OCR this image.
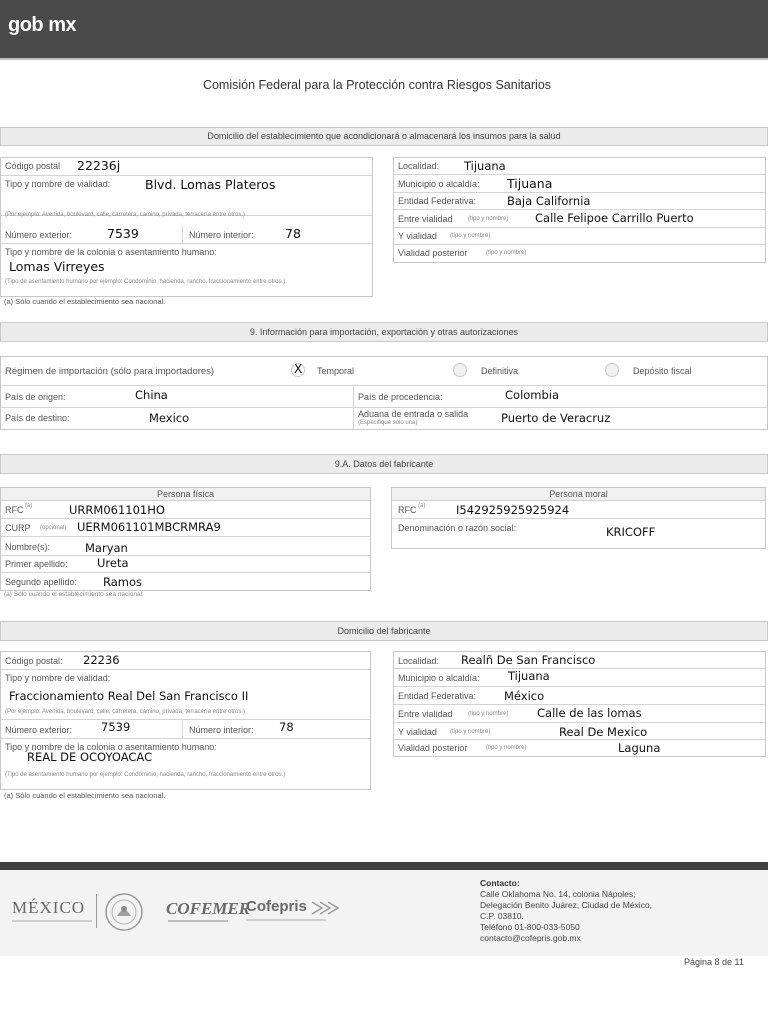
gob mx
Comisión Federal para la Protección contra Riesgos Sanitarios
Domicilio del establecimiento que acondicionará o almacenará los insumos para la salud
Código postal 22236j
Tipo y nombre de vialidad:	Blvd. Lomas Plateros
(Por ejemplo: Avenida, boulevard, calle, carretera, camino, privada, terracería entre otros.)
Número exterior:	7539	Número interior:	78
Tipo y nombre de la colonia o asentamiento humano:
Lomas Virreyes
(Tipo de asentamiento humano por ejemplo: Condominio, hacienda, rancho, fraccionamiento entre otros.)
(a) Sólo cuando el establecimiento sea nacional.
Localidad: Tijuana
Municipio o alcaldía: Tijuana
Entidad Federativa:	Baja California
Entre vialidad	(tipo y nombre) Calle Felipoe Carrillo Puerto
Y vialidad (tipo y nombre)
Vialidad posterior	(tipo y nombre)
9. Información para importación, exportación y otras autorizaciones
Régimen de importación (sólo para importadores)	X Temporal	Definitiva	Depósito fiscal
País de origen:	China	País de procedencia:	Colombia
País de destino:	Mexico	Aduana de entrada o salida
(Especifique sólo una)	Puerto de Veracruz
9.A. Datos del fabricante
Persona física
RFC (a)	URRM061101HO
CURP (opcional) UERM061101MBCRMRA9
Nombre(s):	Maryan
Primer apellido:	Ureta
Segundo apellido: Ramos
(a) Sólo cuando el establecimiento sea nacional
Persona moral
RFC (a)	I542925925925924
Denominación o razón social:	KRICOFF
Domicilio del fabricante
Código postal: 22236
Tipo y nombre de vialidad:
Fraccionamiento Real Del San Francisco II
(Por ejemplo: Avenida, boulevard, calle, carretera, camino, privada, terracería entre otros.)
Número exterior:	7539	Número interior: 78
Tipo y nombre de la colonia o asentamiento humano:
REAL DE OCOYOACAC
(Tipo de asentamiento humano por ejemplo: Condominio, hacienda, rancho, fraccionamiento entre otros.)
(a) Sólo cuando el establecimiento sea nacional.
Localidad: Realñ De San Francisco
Municipio o alcaldía: Tijuana
Entidad Federativa: México
Entre vialidad	(tipo y nombre) Calle de las lomas
Y vialidad (tipo y nombre)	Real De Mexico
Vialidad posterior	(tipo y nombre)	Laguna
MÉXICO	COFEMER
Cofepris
Contacto:
Calle Oklahoma No. 14, colonia Nápoles;
Delegación Benito Juárez, Ciudad de México,
C.P. 03810.
Teléfono 01-800-033-5050
contacto@cofepris.gob.mx
Página 8 de 11
